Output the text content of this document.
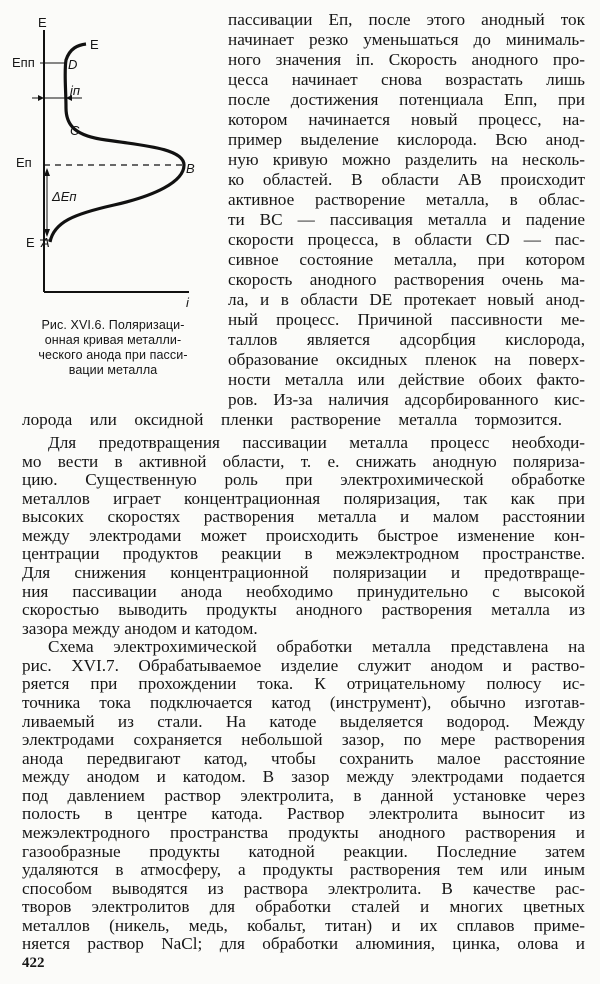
E
Eпп	D
E
jп
C
Eп	B
ΔEп
E A
i
Рис. XVI.6. Поляризаци-
онная кривая металли-
ческого анода при пасси-
вации металла
пассивации Eп, после этого анодный ток
начинает резко уменьшаться до минималь-
ного значения iп. Скорость анодного про-
цесса начинает снова возрастать лишь
после достижения потенциала Eпп, при
котором начинается новый процесс, на-
пример выделение кислорода. Всю анод-
ную кривую можно разделить на несколь-
ко областей. В области AB происходит
активное растворение металла, в облас-
ти BC — пассивация металла и падение
скорости процесса, в области CD — пас-
сивное состояние металла, при котором
скорость анодного растворения очень ма-
ла, и в области DE протекает новый анод-
ный процесс. Причиной пассивности ме-
таллов является адсорбция кислорода,
образование оксидных пленок на поверх-
ности металла или действие обоих факто-
ров. Из-за наличия адсорбированного кис-
лорода или оксидной пленки растворение металла тормозится.
Для предотвращения пассивации металла процесс необходи-
мо вести в активной области, т. е. снижать анодную поляриза-
цию. Существенную роль при электрохимической обработке
металлов играет концентрационная поляризация, так как при
высоких скоростях растворения металла и малом расстоянии
между электродами может происходить быстрое изменение кон-
центрации продуктов реакции в межэлектродном пространстве.
Для снижения концентрационной поляризации и предотвраще-
ния пассивации анода необходимо принудительно с высокой
скоростью выводить продукты анодного растворения металла из
зазора между анодом и катодом.
Схема электрохимической обработки металла представлена на
рис. XVI.7. Обрабатываемое изделие служит анодом и раство-
ряется при прохождении тока. К отрицательному полюсу ис-
точника тока подключается катод (инструмент), обычно изготав-
ливаемый из стали. На катоде выделяется водород. Между
электродами сохраняется небольшой зазор, по мере растворения
анода передвигают катод, чтобы сохранить малое расстояние
между анодом и катодом. В зазор между электродами подается
под давлением раствор электролита, в данной установке через
полость в центре катода. Раствор электролита выносит из
межэлектродного пространства продукты анодного растворения и
газообразные продукты катодной реакции. Последние затем
удаляются в атмосферу, а продукты растворения тем или иным
способом выводятся из раствора электролита. В качестве рас-
творов электролитов для обработки сталей и многих цветных
металлов (никель, медь, кобальт, титан) и их сплавов приме-
няется раствор NaCl; для обработки алюминия, цинка, олова и
422
